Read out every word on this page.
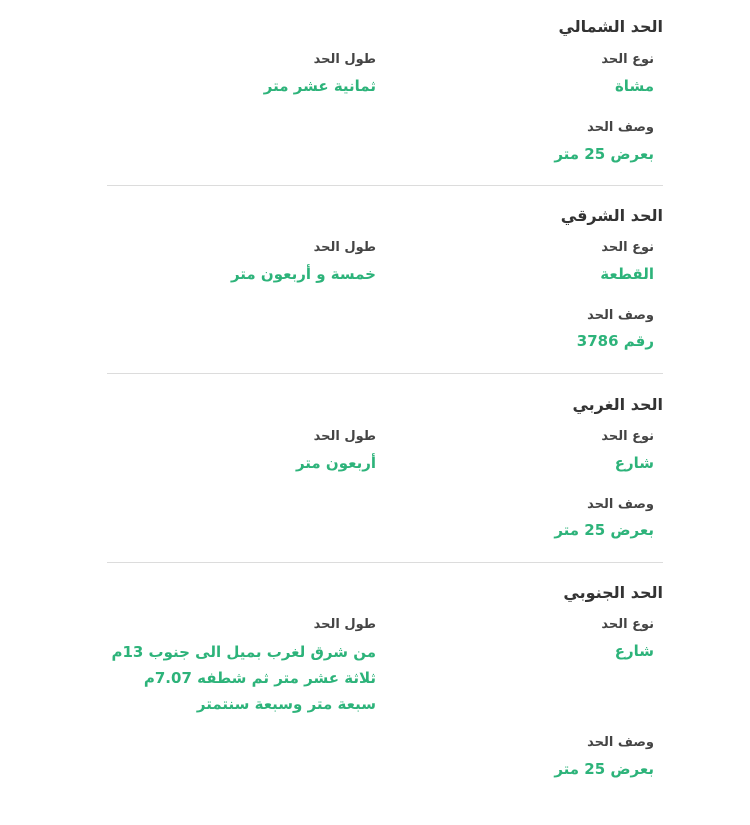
الحد الشمالي
نوع الحد
مشاة
طول الحد
ثمانية عشر متر
وصف الحد
بعرض 25 متر
الحد الشرقي
نوع الحد
القطعة
طول الحد
خمسة و أربعون متر
وصف الحد
رقم 3786
الحد الغربي
نوع الحد
شارع
طول الحد
أربعون متر
وصف الحد
بعرض 25 متر
الحد الجنوبي
نوع الحد
شارع
طول الحد
من شرق لغرب بميل الى جنوب 13م ثلاثة عشر متر ثم شطفه 7.07م سبعة متر وسبعة سنتمتر
وصف الحد
بعرض 25 متر
